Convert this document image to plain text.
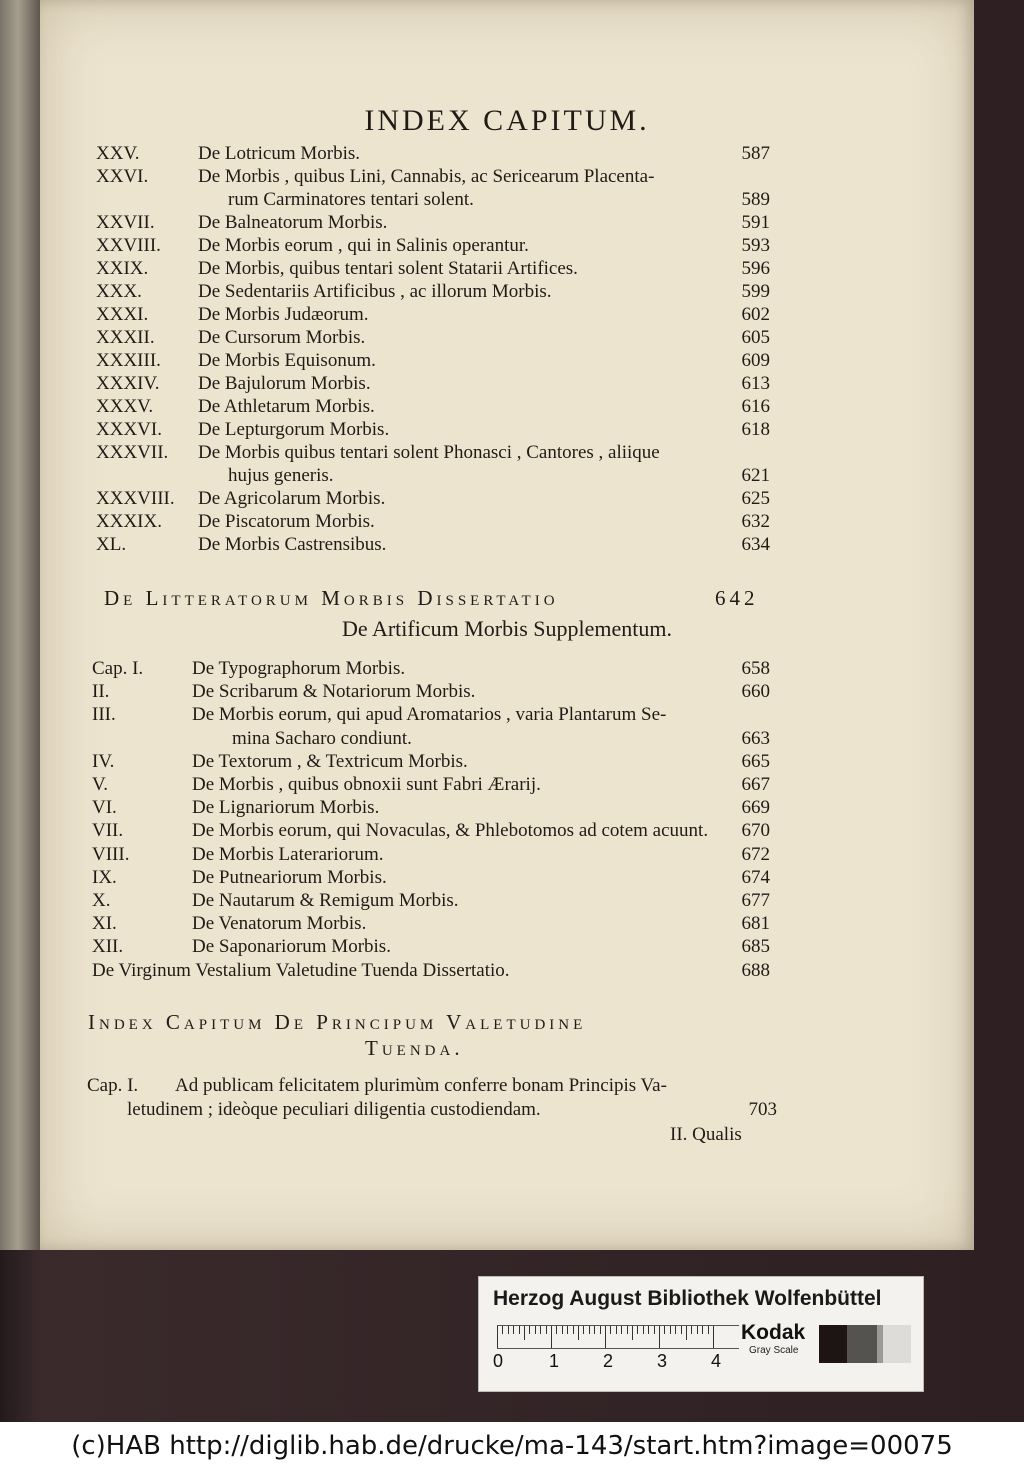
INDEX CAPITUM.
XXV.	De Lotricum Morbis.	587
XXVI.	De Morbis , quibus Lini, Cannabis, ac Sericearum Placenta-
rum Carminatores tentari solent.	589
XXVII. De Balneatorum Morbis.	591
XXVIII. De Morbis eorum , qui in Salinis operantur.	593
XXIX.	De Morbis, quibus tentari solent Statarii Artifices.	596
XXX.	De Sedentariis Artificibus , ac illorum Morbis.	599
XXXI.	De Morbis Judæorum.	602
XXXII. De Cursorum Morbis.	605
XXXIII. De Morbis Equisonum.	609
XXXIV. De Bajulorum Morbis.	613
XXXV. De Athletarum Morbis.	616
XXXVI. De Lepturgorum Morbis.	618
XXXVII. De Morbis quibus tentari solent Phonasci , Cantores , aliique
hujus generis.	621
XXXVIII. De Agricolarum Morbis.	625
XXXIX. De Piscatorum Morbis.	632
XL.	De Morbis Castrensibus.	634
De Litteratorum Morbis Dissertatio	642
De Artificum Morbis Supplementum.
Cap. I.	De Typographorum Morbis.	658
II.	De Scribarum & Notariorum Morbis.	660
III.	De Morbis eorum, qui apud Aromatarios , varia Plantarum Se-
mina Sacharo condiunt.	663
IV.	De Textorum , & Textricum Morbis.	665
V.	De Morbis , quibus obnoxii sunt Fabri Ærarij.	667
VI.	De Lignariorum Morbis.	669
VII.	De Morbis eorum, qui Novaculas, & Phlebotomos ad cotem acuunt.	670
VIII.	De Morbis Laterariorum.	672
IX.	De Putneariorum Morbis.	674
X.	De Nautarum & Remigum Morbis.	677
XI.	De Venatorum Morbis.	681
XII.	De Saponariorum Morbis.	685
De Virginum Vestalium Valetudine Tuenda Dissertatio.	688
Index Capitum De Principum Valetudine
Tuenda.
Cap. I. Ad publicam felicitatem plurimùm conferre bonam Principis Va-
letudinem ; ideòque peculiari diligentia custodiendam.	703
II. Qualis
Herzog August Bibliothek Wolfenbüttel
0	1 2 3 4
Kodak
Gray Scale
(c)HAB http://diglib.hab.de/drucke/ma-143/start.htm?image=00075
